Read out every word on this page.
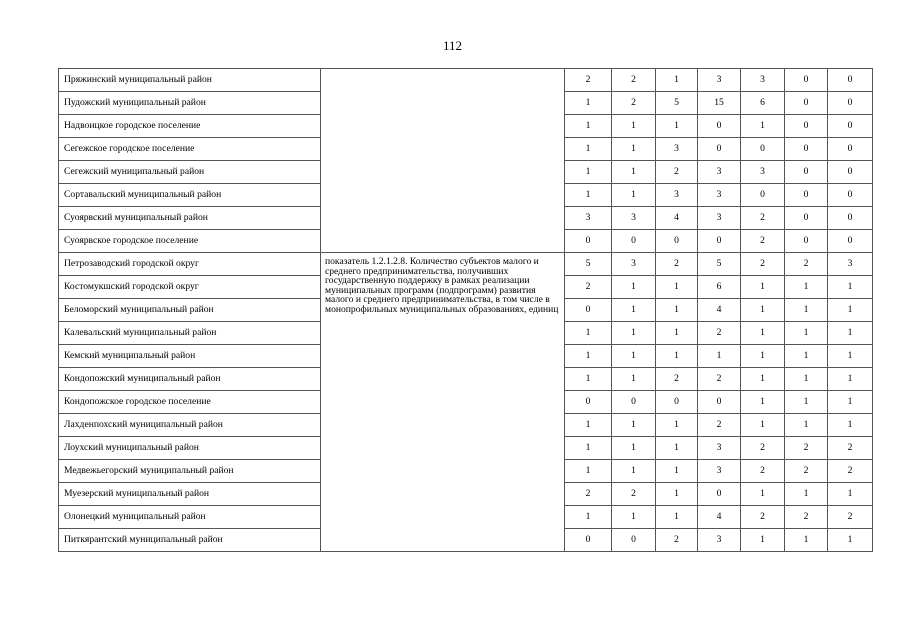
112
Пряжинский муниципальный район		2	2	1	3	3	0	0
Пудожский муниципальный район		1	2	5	15	6	0	0
Надвоицкое городское поселение		1	1	1	0	1	0	0
Сегежское городское поселение		1	1	3	0	0	0	0
Сегежский муниципальный район		1	1	2	3	3	0	0
Сортавальский муниципальный район		1	1	3	3	0	0	0
Суоярвский муниципальный район		3	3	4	3	2	0	0
Суоярвское городское поселение		0	0	0	0	2	0	0
Петрозаводский городской округ	показатель 1.2.1.2.8. Количество субъектов малого и среднего предпринимательства, получивших государственную поддержку в рамках реализации муниципальных программ (подпрограмм) развития малого и среднего предпринимательства, в том числе в монопрофильных муниципальных образованиях, единиц	5	3	2	5	2	2	3
Костомукшский городской округ		2	1	1	6	1	1	1
Беломорский муниципальный район		0	1	1	4	1	1	1
Калевальский муниципальный район		1	1	1	2	1	1	1
Кемский муниципальный район		1	1	1	1	1	1	1
Кондопожский муниципальный район		1	1	2	2	1	1	1
Кондопожское городское поселение		0	0	0	0	1	1	1
Лахденпохский муниципальный район		1	1	1	2	1	1	1
Лоухский муниципальный район		1	1	1	3	2	2	2
Медвежьегорский муниципальный район		1	1	1	3	2	2	2
Муезерский муниципальный район		2	2	1	0	1	1	1
Олонецкий муниципальный район		1	1	1	4	2	2	2
Питкярантский муниципальный район		0	0	2	3	1	1	1
